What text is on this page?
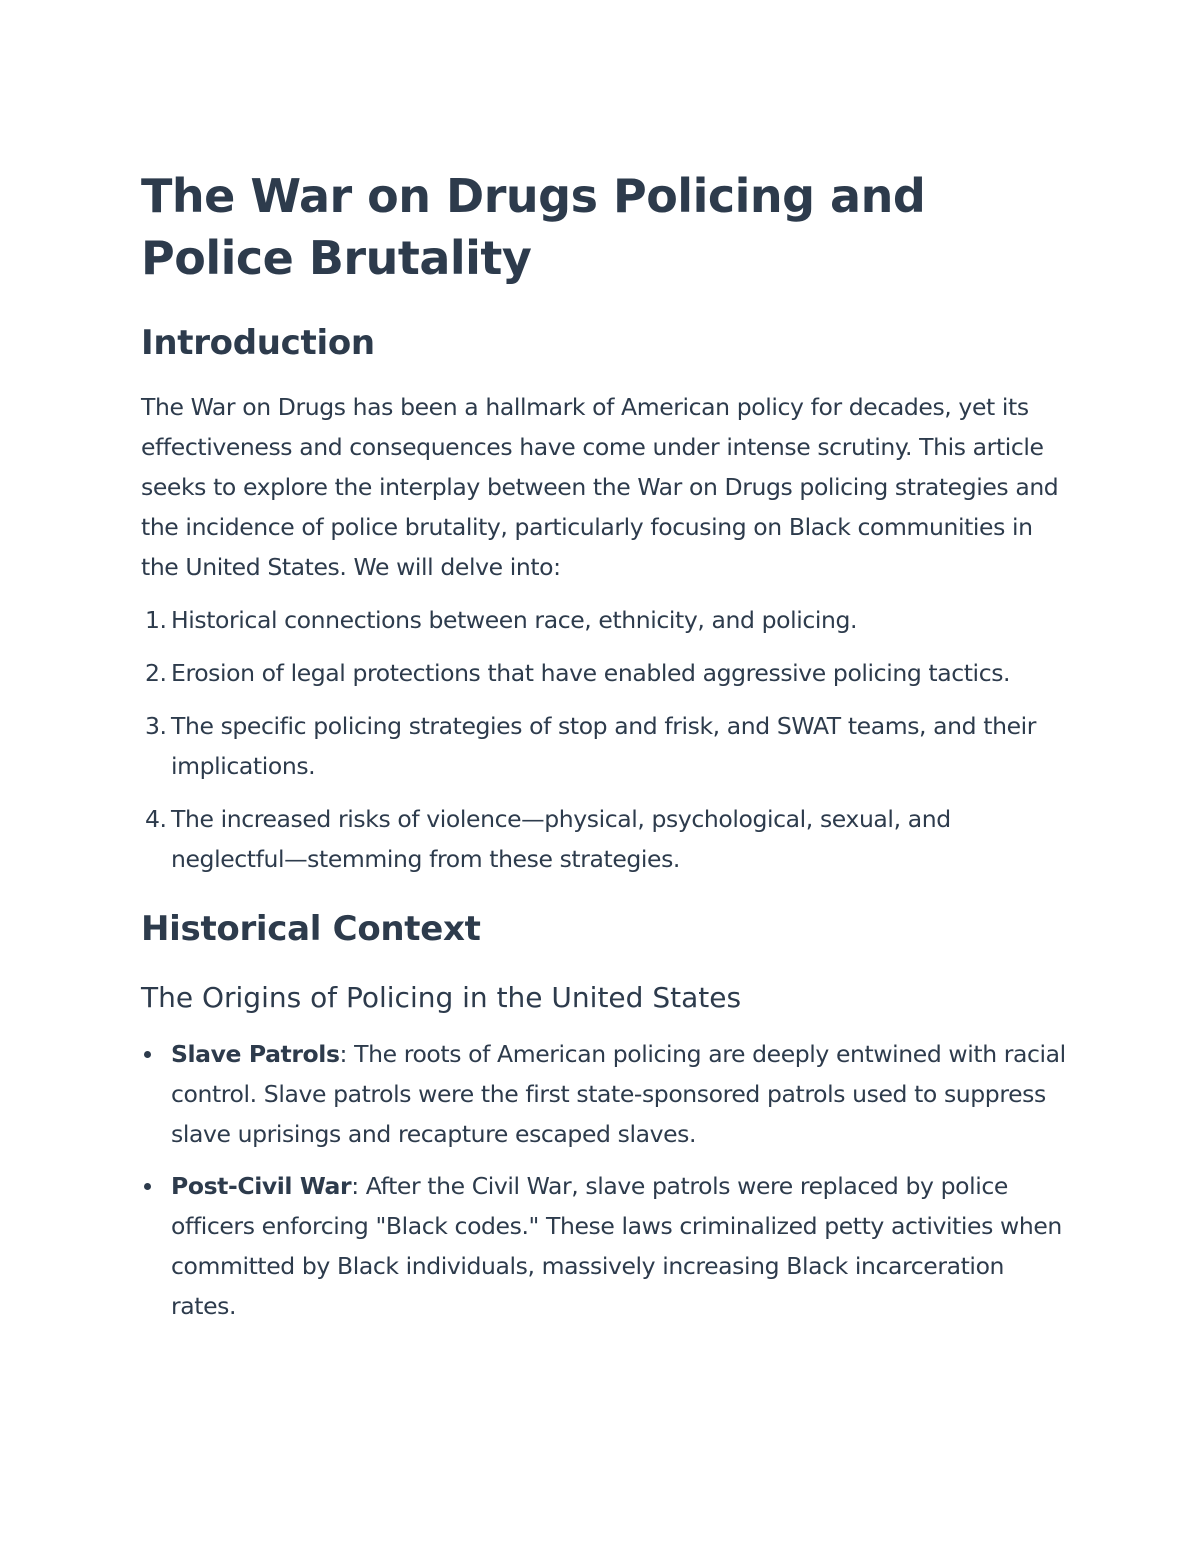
The War on Drugs Policing and Police Brutality
Introduction

The War on Drugs has been a hallmark of American policy for decades, yet its effectiveness and consequences have come under intense scrutiny. This article seeks to explore the interplay between the War on Drugs policing strategies and the incidence of police brutality, particularly focusing on Black communities in the United States. We will delve into:

1. Historical connections between race, ethnicity, and policing.
2. Erosion of legal protections that have enabled aggressive policing tactics.
3. The specific policing strategies of stop and frisk, and SWAT teams, and their implications.
4. The increased risks of violence—physical, psychological, sexual, and neglectful—stemming from these strategies.
Historical Context
The Origins of Policing in the United States
Slave Patrols: The roots of American policing are deeply entwined with racial control. Slave patrols were the first state-sponsored patrols used to suppress slave uprisings and recapture escaped slaves.
Post-Civil War: After the Civil War, slave patrols were replaced by police officers enforcing "Black codes." These laws criminalized petty activities when committed by Black individuals, massively increasing Black incarceration rates.
